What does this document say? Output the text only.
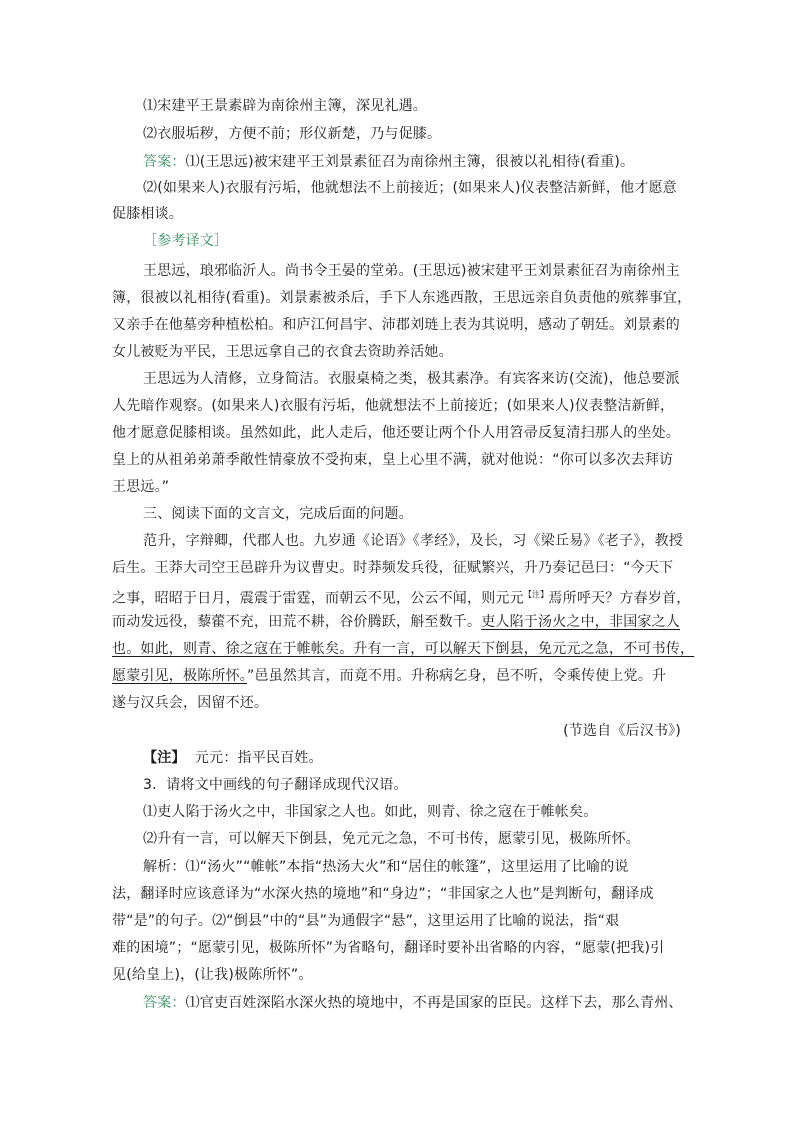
⑴宋建平王景素辟为南徐州主簿，深见礼遇。
⑵衣服垢秽，方便不前；形仪新楚，乃与促膝。
答案：⑴(王思远)被宋建平王刘景素征召为南徐州主簿，很被以礼相待(看重)。
⑵(如果来人)衣服有污垢，他就想法不上前接近；(如果来人)仪表整洁新鲜，他才愿意
促膝相谈。
［参考译文］
王思远，琅邪临沂人。尚书令王晏的堂弟。(王思远)被宋建平王刘景素征召为南徐州主
簿，很被以礼相待(看重)。刘景素被杀后，手下人东逃西散，王思远亲自负责他的殡葬事宜，
又亲手在他墓旁种植松柏。和庐江何昌宇、沛郡刘琏上表为其说明，感动了朝廷。刘景素的
女儿被贬为平民，王思远拿自己的衣食去资助养活她。
王思远为人清修，立身简洁。衣服桌椅之类，极其素净。有宾客来访(交流)，他总要派
人先暗作观察。(如果来人)衣服有污垢，他就想法不上前接近；(如果来人)仪表整洁新鲜，
他才愿意促膝相谈。虽然如此，此人走后，他还要让两个仆人用笤帚反复清扫那人的坐处。
皇上的从祖弟弟萧季敞性情豪放不受拘束，皇上心里不满，就对他说：“你可以多次去拜访
王思远。”
三、阅读下面的文言文，完成后面的问题。
范升，字辩卿，代郡人也。九岁通《论语》《孝经》，及长，习《梁丘易》《老子》，教授
后生。王莽大司空王邑辟升为议曹史。时莽频发兵役，征赋繁兴，升乃奏记邑曰：“今天下
之事，昭昭于日月，震震于雷霆，而朝云不见，公云不闻，则元元$^{【注】}$焉所呼天？方春岁首，
而动发远役，藜藿不充，田荒不耕，谷价腾跃，斛至数千。吏人陷于汤火之中，非国家之人
也。如此，则青、徐之寇在于帷帐矣。升有一言，可以解天下倒县，免元元之急，不可书传，
愿蒙引见，极陈所怀。”邑虽然其言，而竟不用。升称病乞身，邑不听，令乘传使上党。升
遂与汉兵会，因留不还。
(节选自《后汉书》)
【注】 元元：指平民百姓。
3．请将文中画线的句子翻译成现代汉语。
⑴吏人陷于汤火之中，非国家之人也。如此，则青、徐之寇在于帷帐矣。
⑵升有一言，可以解天下倒县，免元元之急，不可书传，愿蒙引见，极陈所怀。
解析：⑴“汤火”“帷帐”本指“热汤大火”和“居住的帐篷”，这里运用了比喻的说
法，翻译时应该意译为“水深火热的境地”和“身边”；“非国家之人也”是判断句，翻译成
带“是”的句子。⑵“倒县”中的“县”为通假字“悬”，这里运用了比喻的说法，指“艰
难的困境”；“愿蒙引见，极陈所怀”为省略句，翻译时要补出省略的内容，“愿蒙(把我)引
见(给皇上)，(让我)极陈所怀”。
答案：⑴官吏百姓深陷水深火热的境地中，不再是国家的臣民。这样下去，那么青州、
